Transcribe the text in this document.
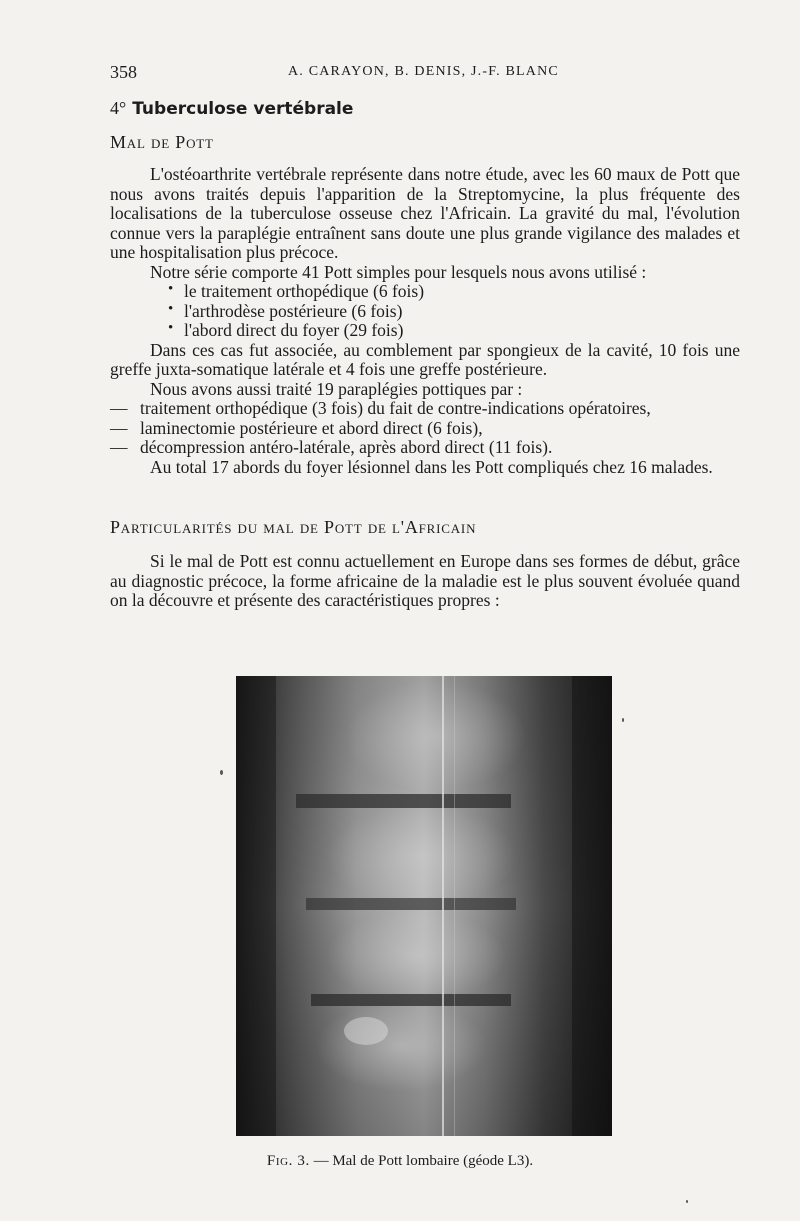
358	A. CARAYON, B. DENIS, J.-F. BLANC
4° Tuberculose vertébrale
Mal de Pott

L'ostéoarthrite vertébrale représente dans notre étude, avec les 60 maux de Pott que nous avons traités depuis l'apparition de la Streptomycine, la plus fréquente des localisations de la tuberculose osseuse chez l'Africain. La gravité du mal, l'évolution connue vers la paraplégie entraînent sans doute une plus grande vigilance des malades et une hospitalisation plus précoce.

Notre série comporte 41 Pott simples pour lesquels nous avons utilisé :

• le traitement orthopédique (6 fois)
• l'arthrodèse postérieure (6 fois)
• l'abord direct du foyer (29 fois)

Dans ces cas fut associée, au comblement par spongieux de la cavité, 10 fois une greffe juxta-somatique latérale et 4 fois une greffe postérieure.

Nous avons aussi traité 19 paraplégies pottiques par :

— traitement orthopédique (3 fois) du fait de contre-indications opératoires,
— laminectomie postérieure et abord direct (6 fois),
— décompression antéro-latérale, après abord direct (11 fois).

Au total 17 abords du foyer lésionnel dans les Pott compliqués chez 16 malades.

Particularités du mal de Pott de l'Africain

Si le mal de Pott est connu actuellement en Europe dans ses formes de début, grâce au diagnostic précoce, la forme africaine de la maladie est le plus souvent évoluée quand on la découvre et présente des caractéristiques propres :

Fig. 3. — Mal de Pott lombaire (géode L3).
